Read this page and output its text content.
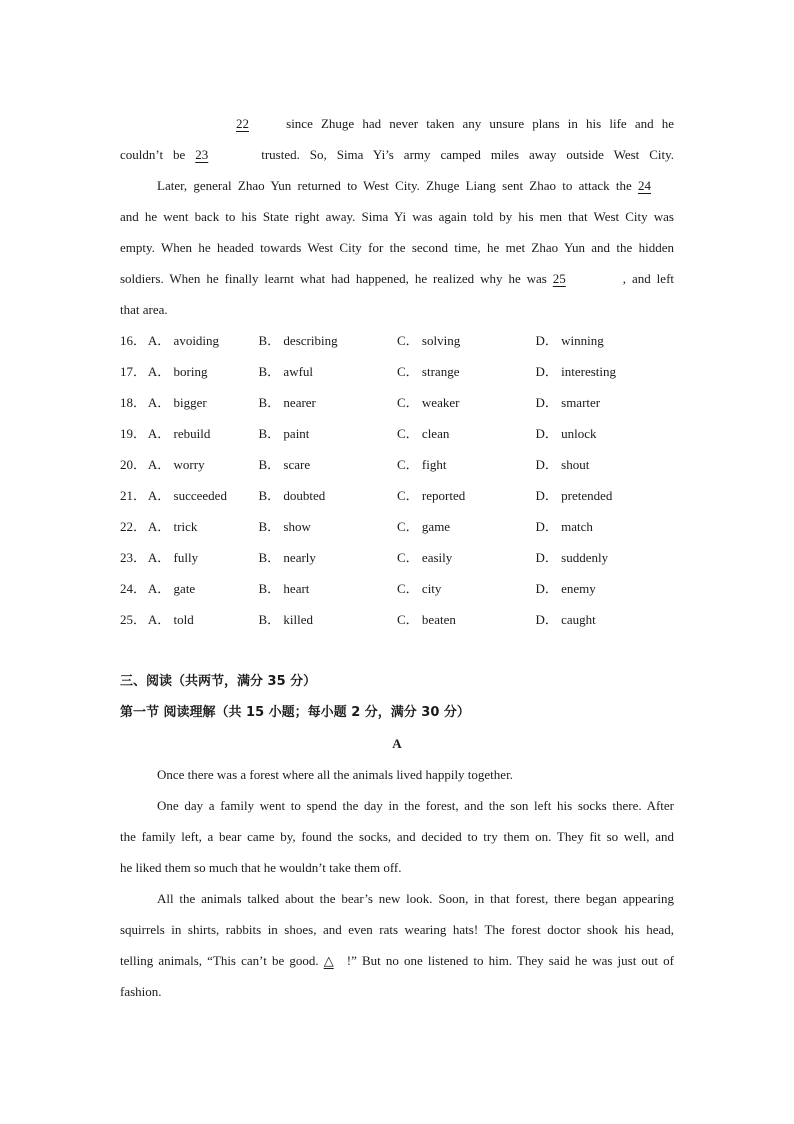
22 since Zhuge had never taken any unsure plans in his life and he
couldn’t be 23	trusted. So, Sima Yi’s army camped miles away outside West City.
Later, general Zhao Yun returned to West City. Zhuge Liang sent Zhao to attack the 24
and he went back to his State right away. Sima Yi was again told by his men that West City was
empty. When he headed towards West City for the second time, he met Zhao Yun and the hidden
soldiers. When he finally learnt what had happened, he realized why he was 25	, and left
that area.
16． A． avoiding	B． describing	C． solving	D． winning
17． A． boring	B． awful	C． strange	D． interesting
18． A． bigger	B． nearer	C． weaker	D． smarter
19． A． rebuild	B． paint	C． clean	D． unlock
20． A． worry	B． scare	C． fight	D． shout
21． A． succeeded	B． doubted	C． reported	D． pretended
22． A． trick	B． show	C． game	D． match
23． A． fully	B． nearly	C． easily	D． suddenly
24． A． gate	B． heart	C． city	D． enemy
25． A． told	B． killed	C． beaten	D． caught
三、阅读（共两节，满分 35 分）
第一节 阅读理解（共 15 小题；每小题 2 分，满分 30 分）
A
Once there was a forest where all the animals lived happily together.
One day a family went to spend the day in the forest, and the son left his socks there. After
the family left, a bear came by, found the socks, and decided to try them on. They fit so well, and
he liked them so much that he wouldn’t take them off.
All the animals talked about the bear’s new look. Soon, in that forest, there began appearing
squirrels in shirts, rabbits in shoes, and even rats wearing hats! The forest doctor shook his head,
telling animals, “This can’t be good. △ !” But no one listened to him. They said he was just out of
fashion.
